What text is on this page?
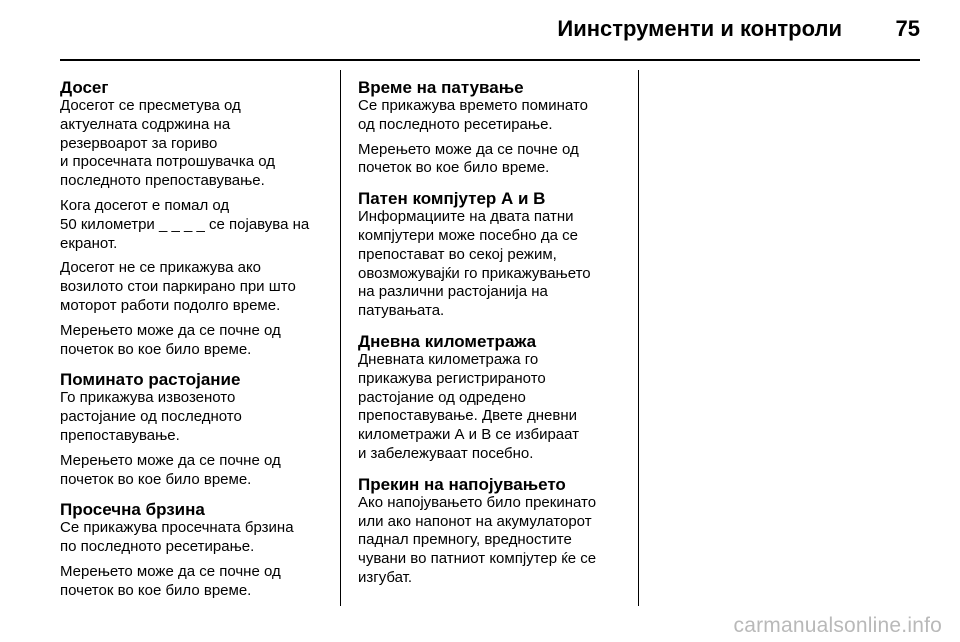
Иинструменти и контроли 75
Досег

Досегот се пресметува од
актуелната содржина на
резервоарот за гориво
и просечната потрошувачка од
последното препоставување.

Кога досегот е помал од
50 километри _ _ _ _ се појавува на
екранот.

Досегот не се прикажува ако
возилото стои паркирано при што
моторот работи подолго време.

Мерењето може да се почне од
почеток во кое било време.

Поминато растојание

Го прикажува извозеното
растојание од последното
препоставување.

Мерењето може да се почне од
почеток во кое било време.

Просечна брзина

Се прикажува просечната брзина
по последното ресетирање.

Мерењето може да се почне од
почеток во кое било време.

Време на патување

Се прикажува времето поминато
од последното ресетирање.

Мерењето може да се почне од
почеток во кое било време.

Патен компјутер А и В

Информациите на двата патни
компјутери може посебно да се
препостават во секој режим,
овозможувајќи го прикажувањето
на различни растојанија на
патувањата.

Дневна километража

Дневната километража го
прикажува регистрираното
растојание од одредено
препоставување. Двете дневни
километражи А и В се избираат
и забележуваат посебно.

Прекин на напојувањето

Ако напојувањето било прекинато
или ако напонот на акумулаторот
паднал премногу, вредностите
чувани во патниот компјутер ќе се
изгубат.

carmanualsonline.info
